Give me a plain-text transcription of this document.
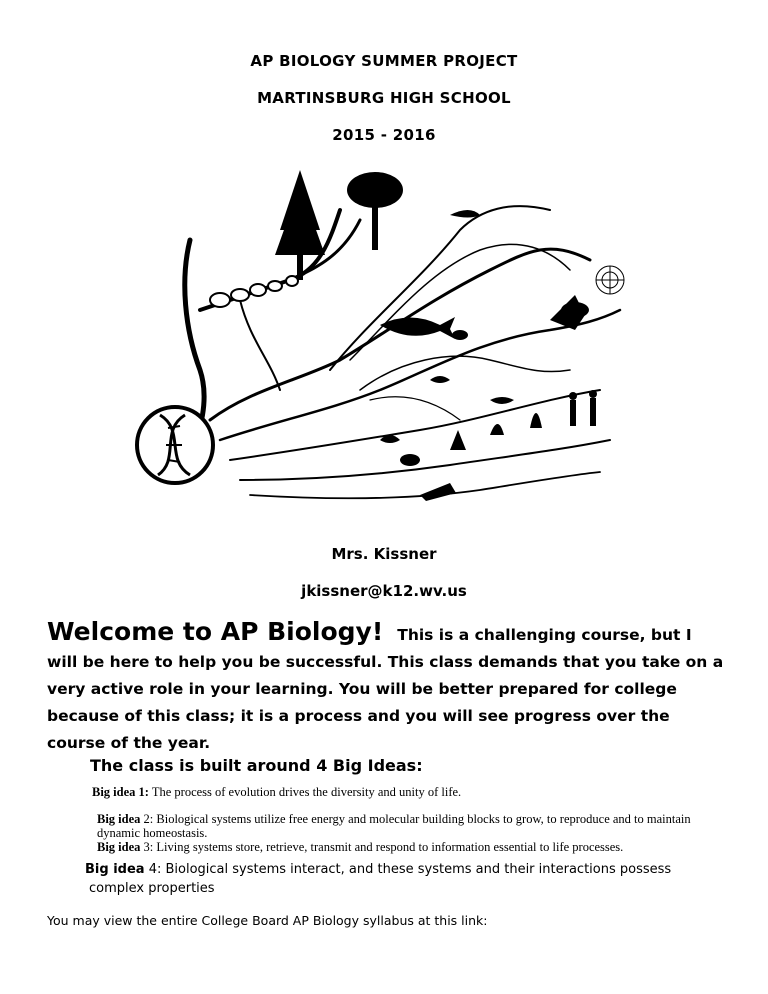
AP BIOLOGY SUMMER PROJECT
MARTINSBURG HIGH SCHOOL
2015 - 2016
Mrs. Kissner
jkissner@k12.wv.us
Welcome to AP Biology! This is a challenging course, but I will be here to help you be successful. This class demands that you take on a very active role in your learning. You will be better prepared for college because of this class; it is a process and you will see progress over the course of the year.
The class is built around 4 Big Ideas:
Big idea 1: The process of evolution drives the diversity and unity of life.
Big idea 2: Biological systems utilize free energy and molecular building blocks to grow, to reproduce and to maintain dynamic homeostasis.
Big idea 3: Living systems store, retrieve, transmit and respond to information essential to life processes.
Big idea 4: Biological systems interact, and these systems and their interactions possess
complex properties
You may view the entire College Board AP Biology syllabus at this link:
